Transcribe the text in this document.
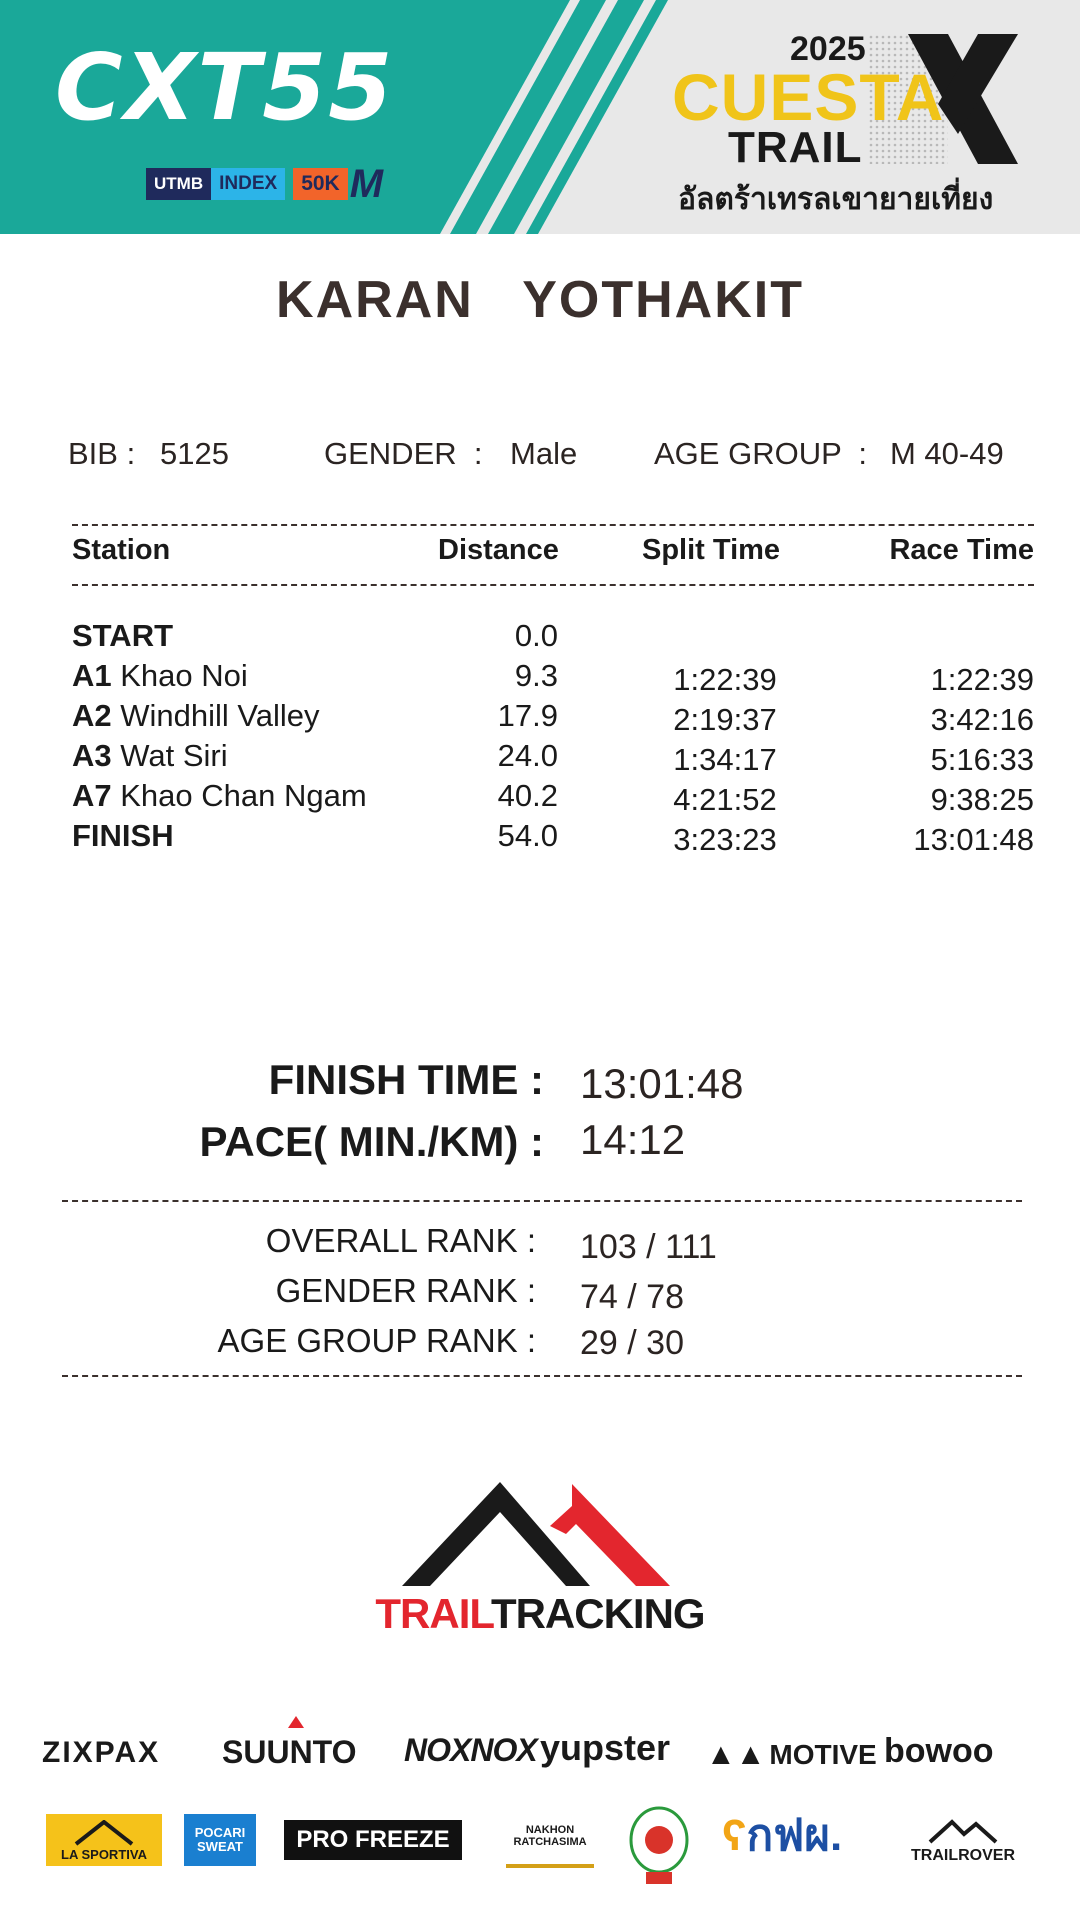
CXT55
UTMB INDEX	50K M
2025
CUESTA
TRAIL
อัลตร้าเทรลเขายายเที่ยง
KARAN   YOTHAKIT
BIB : 5125	GENDER  : Male AGE GROUP  : M 40-49
Station	Distance	Split Time	Race Time
START	0.0
A1 Khao Noi	9.3	1:22:39	1:22:39
A2 Windhill Valley	17.9	2:19:37	3:42:16
A3 Wat Siri	24.0	1:34:17	5:16:33
A7 Khao Chan Ngam	40.2	4:21:52	9:38:25
FINISH	54.0	3:23:23	13:01:48
FINISH TIME : 13:01:48
PACE( MIN./KM) : 14:12
OVERALL RANK : 103 / 111
GENDER RANK : 74 / 78
AGE GROUP RANK : 29 / 30
TRAILTRACKING
ZIXPAX SUUNTO NOXNOX yupster ▲▲ MOTIVE bowoo
LA SPORTIVA
POCARI SWEAT	PRO FREEZE	NAKHON RATCHASIMA	ʕกฟผ.	TRAILROVER
